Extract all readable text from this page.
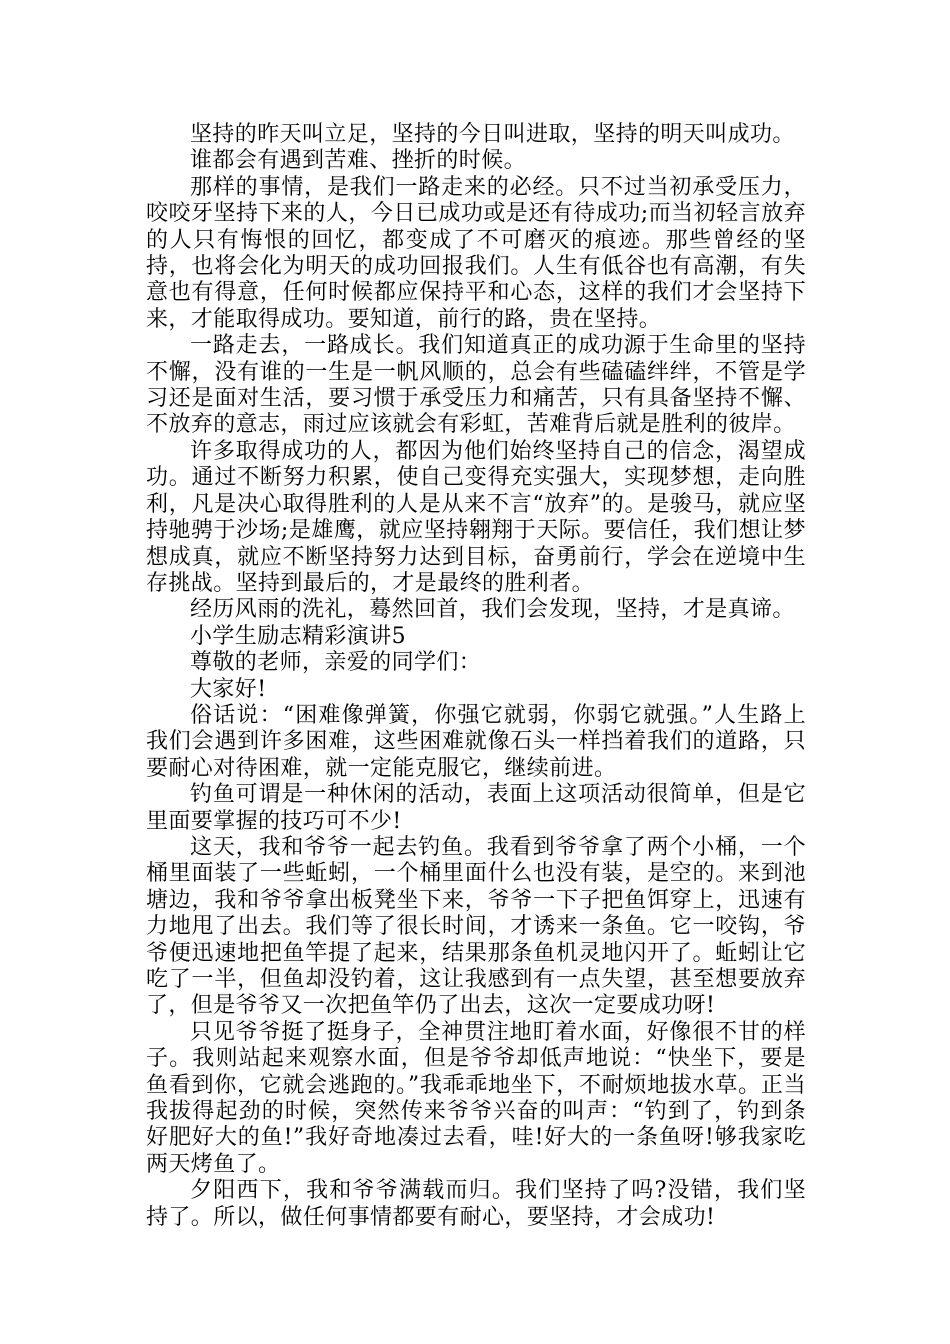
坚持的昨天叫立足，坚持的今日叫进取，坚持的明天叫成功。

谁都会有遇到苦难、挫折的时候。

那样的事情，是我们一路走来的必经。只不过当初承受压力，咬咬牙坚持下来的人，今日已成功或是还有待成功;而当初轻言放弃的人只有悔恨的回忆，都变成了不可磨灭的痕迹。那些曾经的坚持，也将会化为明天的成功回报我们。人生有低谷也有高潮，有失意也有得意，任何时候都应保持平和心态，这样的我们才会坚持下来，才能取得成功。要知道，前行的路，贵在坚持。

一路走去，一路成长。我们知道真正的成功源于生命里的坚持不懈，没有谁的一生是一帆风顺的，总会有些磕磕绊绊，不管是学习还是面对生活，要习惯于承受压力和痛苦，只有具备坚持不懈、不放弃的意志，雨过应该就会有彩虹，苦难背后就是胜利的彼岸。

许多取得成功的人，都因为他们始终坚持自己的信念，渴望成功。通过不断努力积累，使自己变得充实强大，实现梦想，走向胜利，凡是决心取得胜利的人是从来不言“放弃”的。是骏马，就应坚持驰骋于沙场;是雄鹰，就应坚持翱翔于天际。要信任，我们想让梦想成真，就应不断坚持努力达到目标，奋勇前行，学会在逆境中生存挑战。坚持到最后的，才是最终的胜利者。

经历风雨的洗礼，蓦然回首，我们会发现，坚持，才是真谛。

小学生励志精彩演讲5

尊敬的老师，亲爱的同学们：

大家好!

俗话说：“困难像弹簧，你强它就弱，你弱它就强。”人生路上我们会遇到许多困难，这些困难就像石头一样挡着我们的道路，只要耐心对待困难，就一定能克服它，继续前进。

钓鱼可谓是一种休闲的活动，表面上这项活动很简单，但是它里面要掌握的技巧可不少!

这天，我和爷爷一起去钓鱼。我看到爷爷拿了两个小桶，一个桶里面装了一些蚯蚓，一个桶里面什么也没有装，是空的。来到池塘边，我和爷爷拿出板凳坐下来，爷爷一下子把鱼饵穿上，迅速有力地甩了出去。我们等了很长时间，才诱来一条鱼。它一咬钩，爷爷便迅速地把鱼竿提了起来，结果那条鱼机灵地闪开了。蚯蚓让它吃了一半，但鱼却没钓着，这让我感到有一点失望，甚至想要放弃了，但是爷爷又一次把鱼竿仍了出去，这次一定要成功呀!

只见爷爷挺了挺身子，全神贯注地盯着水面，好像很不甘的样子。我则站起来观察水面，但是爷爷却低声地说：“快坐下，要是鱼看到你，它就会逃跑的。”我乖乖地坐下，不耐烦地拔水草。正当我拔得起劲的时候，突然传来爷爷兴奋的叫声：“钓到了，钓到条好肥好大的鱼!”我好奇地凑过去看，哇!好大的一条鱼呀!够我家吃两天烤鱼了。

夕阳西下，我和爷爷满载而归。我们坚持了吗?没错，我们坚持了。所以，做任何事情都要有耐心，要坚持，才会成功!
